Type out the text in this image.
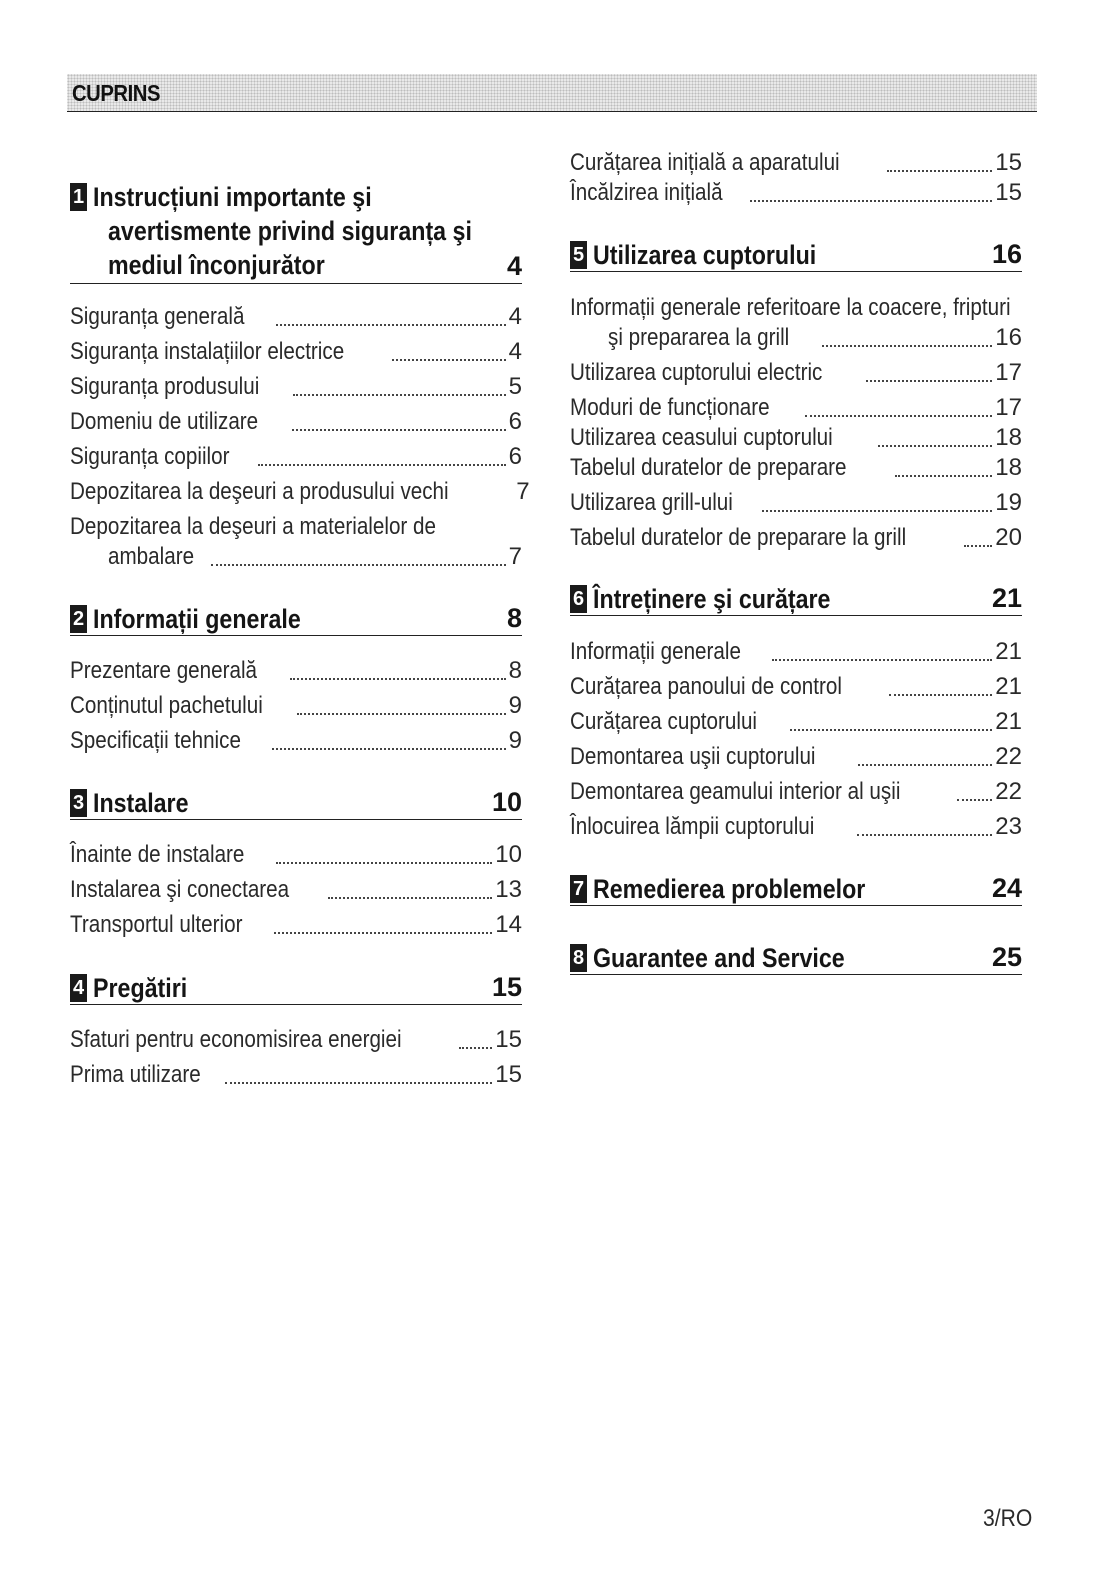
CUPRINS
1 Instrucțiuni importante şi
avertismente privind siguranța şi
mediul înconjurător	4
Siguranța generală	4
Siguranța instalațiilor electrice	4
Siguranța produsului	5
Domeniu de utilizare	6
Siguranța copiilor	6
Depozitarea la deşeuri a produsului vechi	7
Depozitarea la deşeuri a materialelor de
ambalare	7
2 Informații generale	8
Prezentare generală	8
Conținutul pachetului	9
Specificații tehnice	9
3 Instalare	10
Înainte de instalare	10
Instalarea şi conectarea	13
Transportul ulterior	14
4 Pregătiri	15
Sfaturi pentru economisirea energiei	15
Prima utilizare	15
Curățarea inițială a aparatului	15
Încălzirea inițială	15
5 Utilizarea cuptorului	16
Informații generale referitoare la coacere, fripturi
şi prepararea la grill	16
Utilizarea cuptorului electric	17
Moduri de funcționare	17
Utilizarea ceasului cuptorului	18
Tabelul duratelor de preparare	18
Utilizarea grill-ului	19
Tabelul duratelor de preparare la grill	20
6 Întreținere şi curățare	21
Informații generale	21
Curățarea panoului de control	21
Curățarea cuptorului	21
Demontarea uşii cuptorului	22
Demontarea geamului interior al uşii	22
Înlocuirea lămpii cuptorului	23
7 Remedierea problemelor	24
8 Guarantee and Service	25
3/RO
